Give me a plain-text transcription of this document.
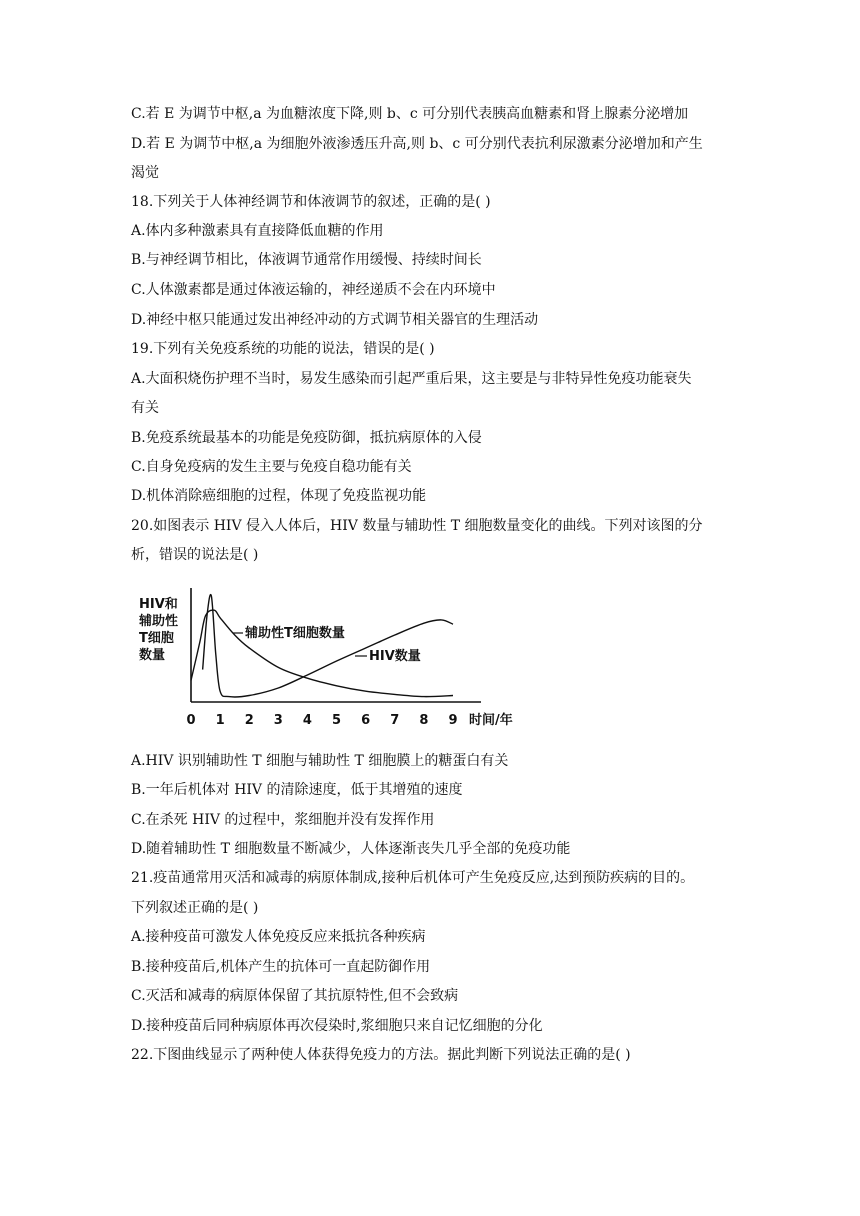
C.若 E 为调节中枢,a 为血糖浓度下降,则 b、c 可分别代表胰高血糖素和肾上腺素分泌增加
D.若 E 为调节中枢,a 为细胞外液渗透压升高,则 b、c 可分别代表抗利尿激素分泌增加和产生
渴觉
18.下列关于人体神经调节和体液调节的叙述，正确的是( )
A.体内多种激素具有直接降低血糖的作用
B.与神经调节相比，体液调节通常作用缓慢、持续时间长
C.人体激素都是通过体液运输的，神经递质不会在内环境中
D.神经中枢只能通过发出神经冲动的方式调节相关器官的生理活动
19.下列有关免疫系统的功能的说法，错误的是( )
A.大面积烧伤护理不当时，易发生感染而引起严重后果，这主要是与非特异性免疫功能衰失
有关
B.免疫系统最基本的功能是免疫防御，抵抗病原体的入侵
C.自身免疫病的发生主要与免疫自稳功能有关
D.机体消除癌细胞的过程，体现了免疫监视功能
20.如图表示 HIV 侵入人体后，HIV 数量与辅助性 T 细胞数量变化的曲线。下列对该图的分
析，错误的说法是( )
A.HIV 识别辅助性 T 细胞与辅助性 T 细胞膜上的糖蛋白有关
B.一年后机体对 HIV 的清除速度，低于其增殖的速度
C.在杀死 HIV 的过程中，浆细胞并没有发挥作用
D.随着辅助性 T 细胞数量不断减少，人体逐渐丧失几乎全部的免疫功能
21.疫苗通常用灭活和减毒的病原体制成,接种后机体可产生免疫反应,达到预防疾病的目的。
下列叙述正确的是( )
A.接种疫苗可激发人体免疫反应来抵抗各种疾病
B.接种疫苗后,机体产生的抗体可一直起防御作用
C.灭活和减毒的病原体保留了其抗原特性,但不会致病
D.接种疫苗后同种病原体再次侵染时,浆细胞只来自记忆细胞的分化
22.下图曲线显示了两种使人体获得免疫力的方法。据此判断下列说法正确的是( )
HIV和
辅助性
T细胞
数量
0 1 2 3 4 5 6 7 8 9 时间/年
辅助性T细胞数量
HIV数量
